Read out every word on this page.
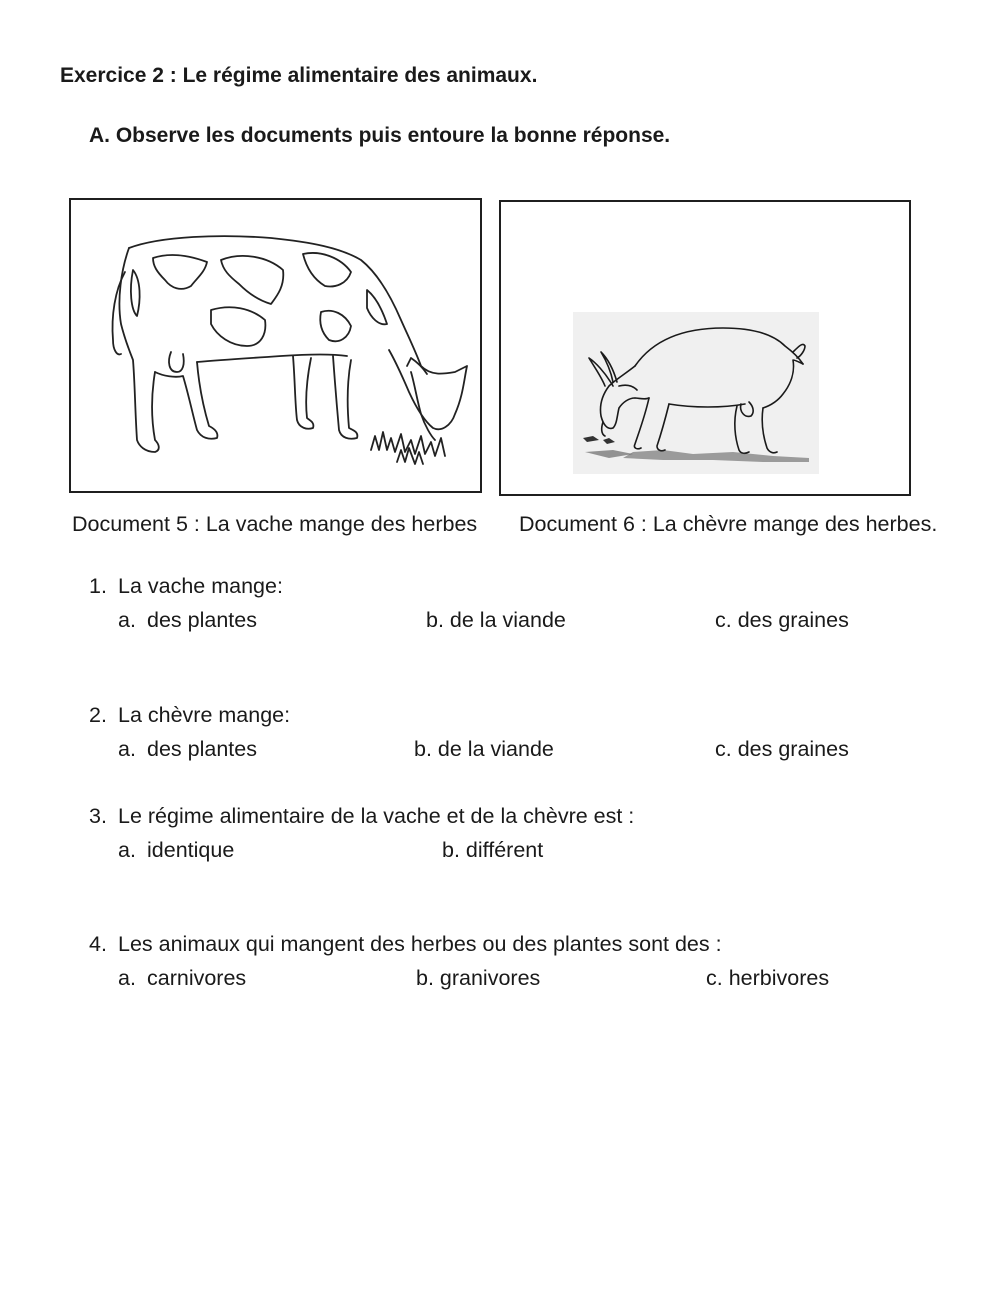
Exercice 2 : Le régime alimentaire des animaux.
A. Observe les documents puis entoure la bonne réponse.
Document 5 : La vache mange des herbes Document 6 : La chèvre mange des herbes.
1. La vache mange:
a. des plantes	b. de la viande	c. des graines
2. La chèvre mange:
a. des plantes	b. de la viande	c. des graines
3. Le régime alimentaire de la vache et de la chèvre est :
a. identique	b. différent
4. Les animaux qui mangent des herbes ou des plantes sont des :
a. carnivores	b. granivores	c. herbivores
